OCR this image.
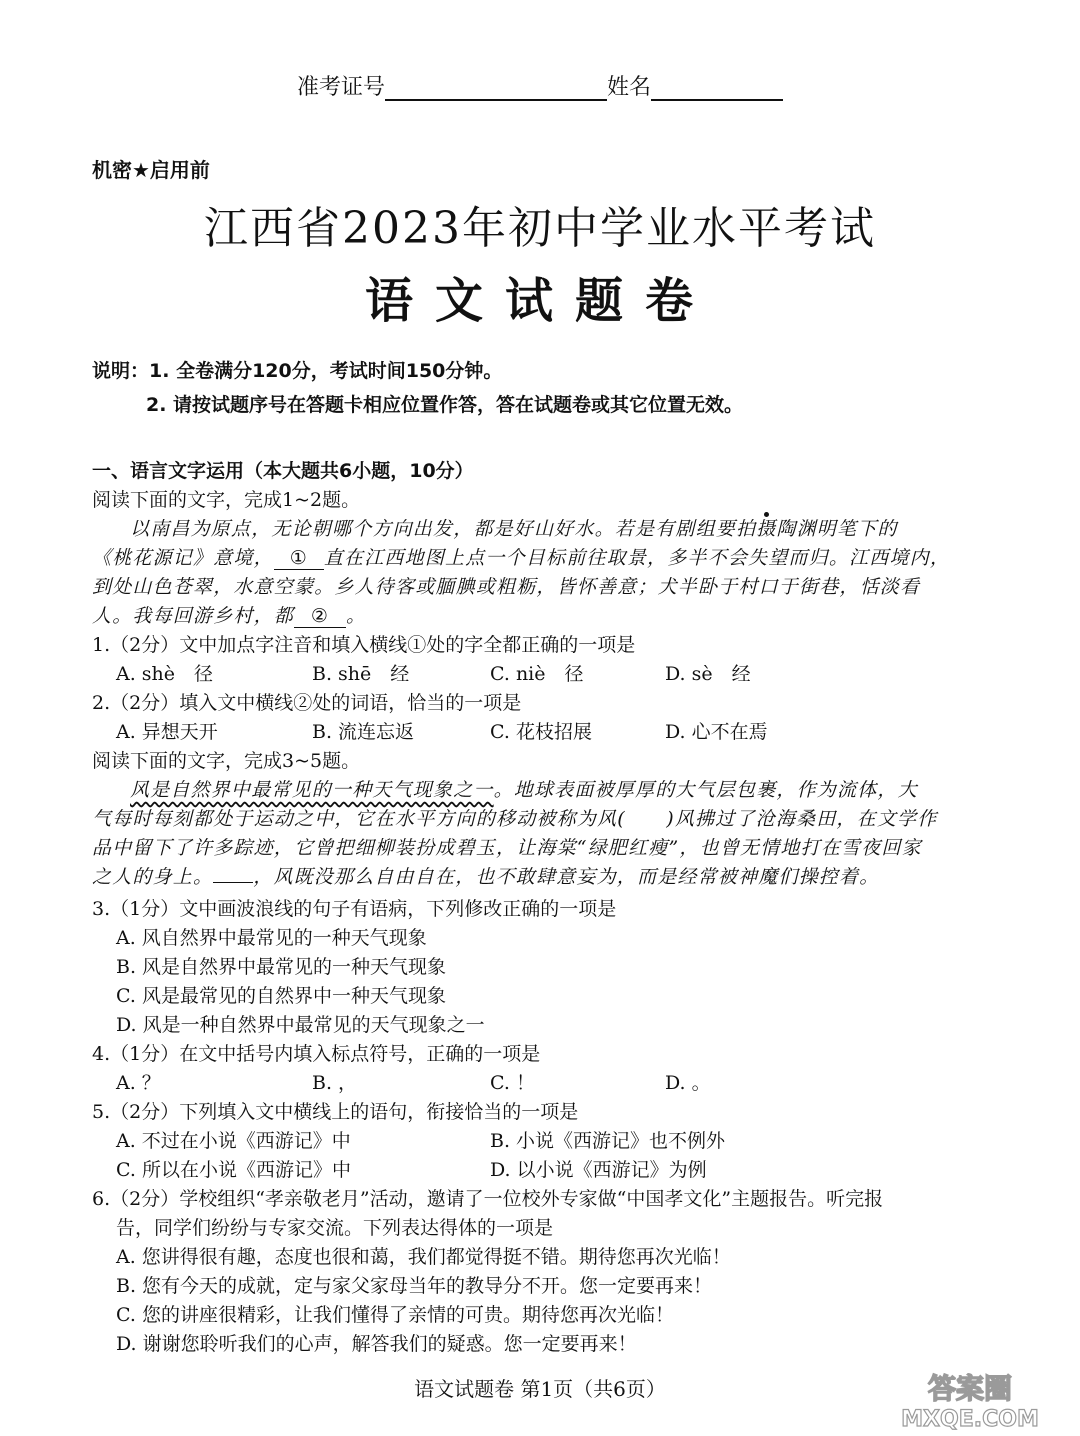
准考证号	姓名
机密★启用前
江西省2023年初中学业水平考试
语文试题卷
说明：1. 全卷满分120分，考试时间150分钟。
2. 请按试题序号在答题卡相应位置作答，答在试题卷或其它位置无效。
一、语言文字运用（本大题共6小题，10分）
阅读下面的文字，完成1~2题。
以南昌为原点，无论朝哪个方向出发，都是好山好水。若是有剧组要拍摄陶渊明笔下的
《桃花源记》意境， ① 直在江西地图上点一个目标前往取景，多半不会失望而归。江西境内，
到处山色苍翠，水意空蒙。乡人待客或腼腆或粗粝，皆怀善意；犬半卧于村口于街巷，恬淡看
人。我每回游乡村，都 ② 。
1.（2分）文中加点字注音和填入横线①处的字全都正确的一项是
A. shè　径	B. shē　经	C. niè　径	D. sè　经
2.（2分）填入文中横线②处的词语，恰当的一项是
A. 异想天开	B. 流连忘返	C. 花枝招展	D. 心不在焉
阅读下面的文字，完成3~5题。
风是自然界中最常见的一种天气现象之一。地球表面被厚厚的大气层包裹，作为流体，大
气每时每刻都处于运动之中，它在水平方向的移动被称为风(　　)风拂过了沧海桑田，在文学作
品中留下了许多踪迹，它曾把细柳装扮成碧玉，让海棠“绿肥红瘦”，也曾无情地打在雪夜回家
之人的身上。 ，风既没那么自由自在，也不敢肆意妄为，而是经常被神魔们操控着。
3.（1分）文中画波浪线的句子有语病，下列修改正确的一项是
A. 风自然界中最常见的一种天气现象
B. 风是自然界中最常见的一种天气现象
C. 风是最常见的自然界中一种天气现象
D. 风是一种自然界中最常见的天气现象之一
4.（1分）在文中括号内填入标点符号，正确的一项是
A. ？	B. ，	C. ！	D. 。
5.（2分）下列填入文中横线上的语句，衔接恰当的一项是
A. 不过在小说《西游记》中	B. 小说《西游记》也不例外
C. 所以在小说《西游记》中	D. 以小说《西游记》为例
6.（2分）学校组织“孝亲敬老月”活动，邀请了一位校外专家做“中国孝文化”主题报告。听完报
告，同学们纷纷与专家交流。下列表达得体的一项是
A. 您讲得很有趣，态度也很和蔼，我们都觉得挺不错。期待您再次光临！
B. 您有今天的成就，定与家父家母当年的教导分不开。您一定要再来！
C. 您的讲座很精彩，让我们懂得了亲情的可贵。期待您再次光临！
D. 谢谢您聆听我们的心声，解答我们的疑惑。您一定要再来！
语文试题卷 第1页（共6页）	答案圈
MXQE.COM
